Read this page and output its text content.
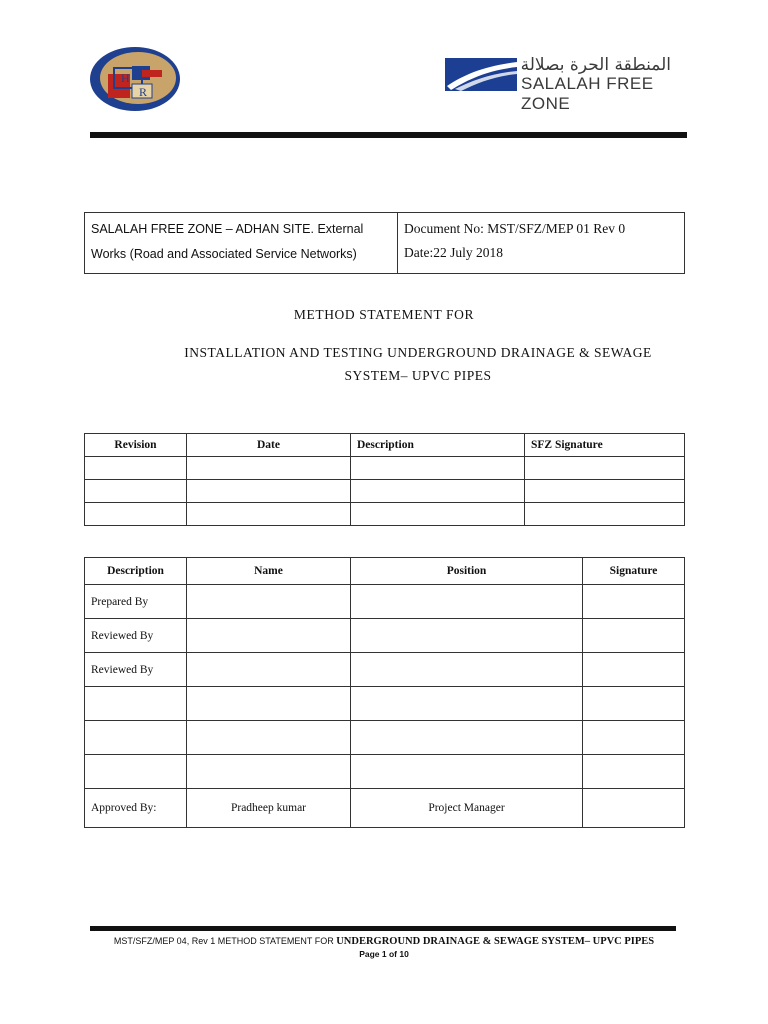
H
R
المنطقة الحرة بصلالة
SALALAH FREE ZONE
SALALAH FREE ZONE – ADHAN SITE. External
Works (Road and Associated Service Networks)

Document No: MST/SFZ/MEP 01 Rev 0
Date:22 July 2018
METHOD STATEMENT FOR
INSTALLATION AND TESTING UNDERGROUND DRAINAGE & SEWAGE
SYSTEM– UPVC PIPES
Revision	Date	Description	SFZ Signature

Description	Name	Position	Signature
Prepared By			
Reviewed By			
Reviewed By			

Approved By:	Pradheep kumar	Project Manager	
MST/SFZ/MEP 04, Rev 1 METHOD STATEMENT FOR UNDERGROUND DRAINAGE & SEWAGE SYSTEM– UPVC PIPES
Page 1 of 10
